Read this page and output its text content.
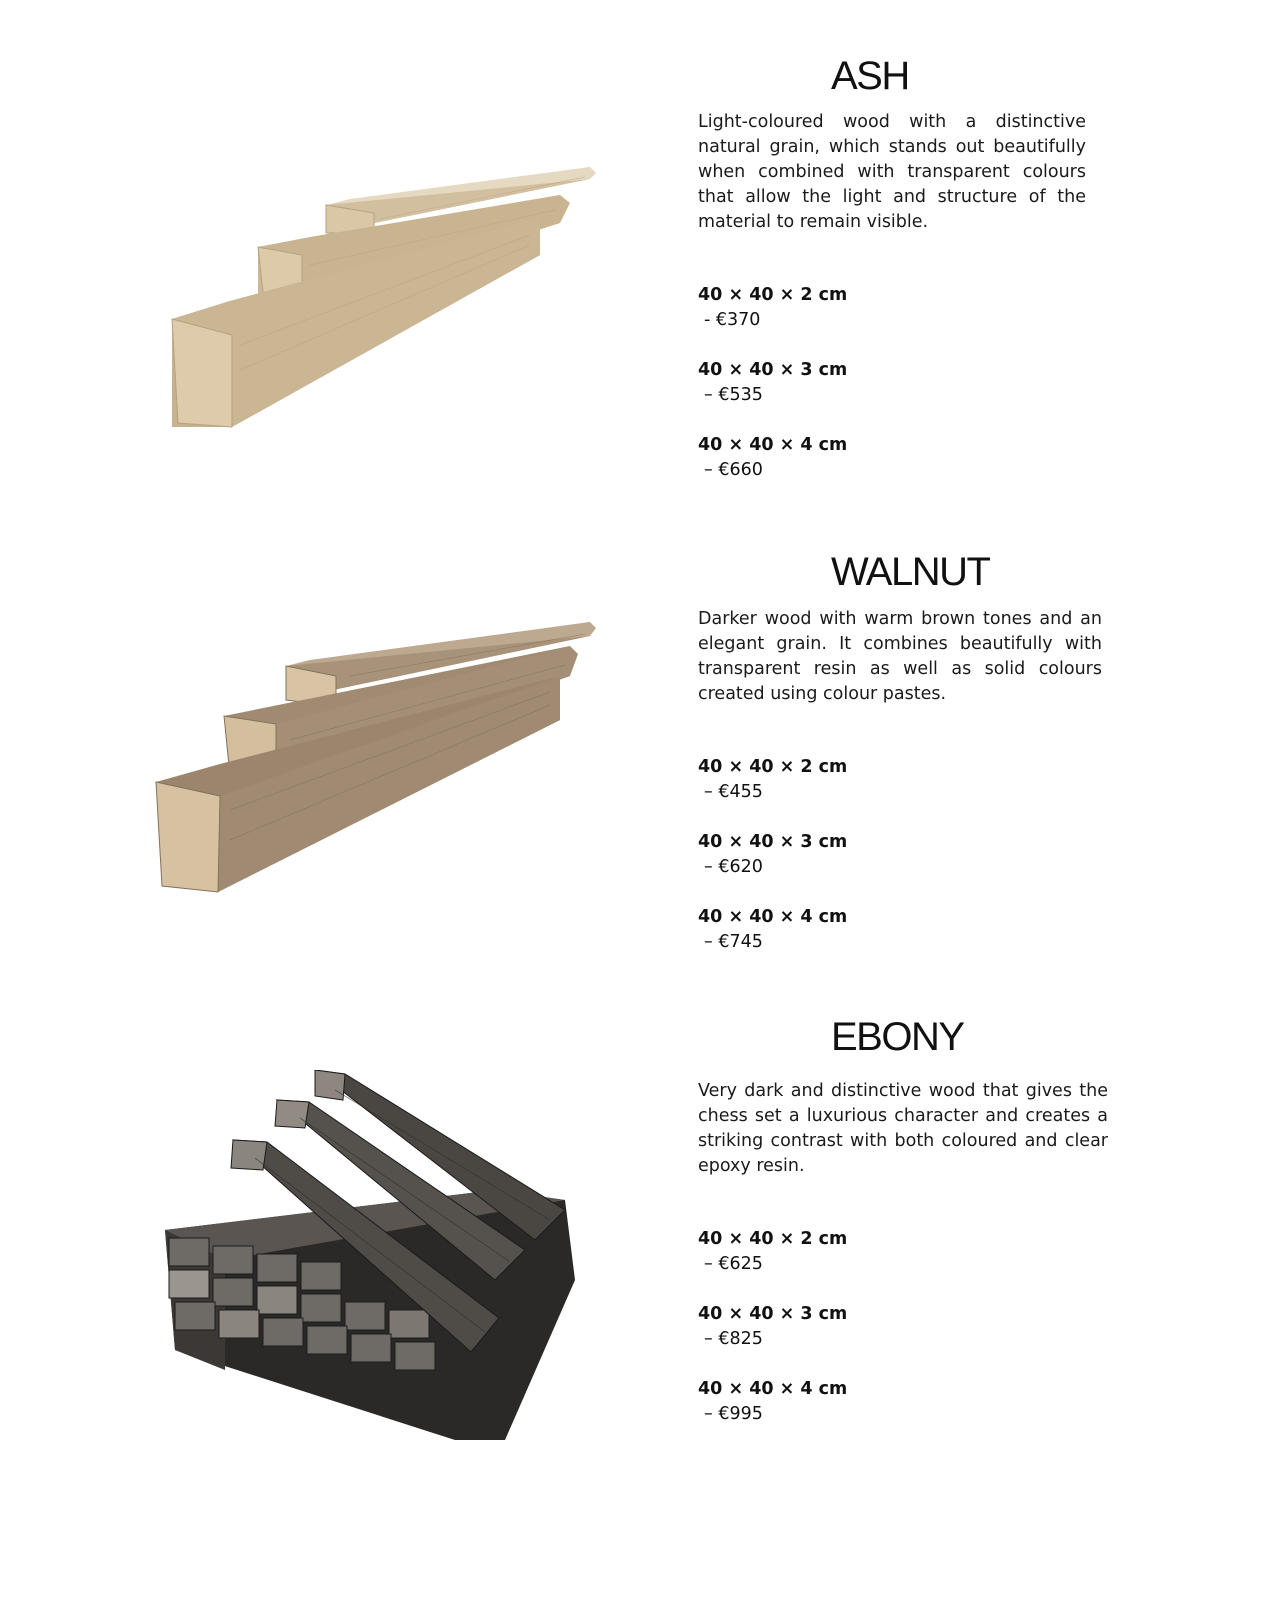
ASH

Light-coloured wood with a distinctive natural grain, which stands out beautifully when combined with transparent colours that allow the light and structure of the material to remain visible.

40 × 40 × 2 cm
- €370
40 × 40 × 3 cm
– €535
40 × 40 × 4 cm
– €660
WALNUT

Darker wood with warm brown tones and an elegant grain. It combines beautifully with transparent resin as well as solid colours created using colour pastes.

40 × 40 × 2 cm
– €455
40 × 40 × 3 cm
– €620
40 × 40 × 4 cm
– €745
EBONY

Very dark and distinctive wood that gives the chess set a luxurious character and creates a striking contrast with both coloured and clear epoxy resin.

40 × 40 × 2 cm
– €625
40 × 40 × 3 cm
– €825
40 × 40 × 4 cm
– €995
